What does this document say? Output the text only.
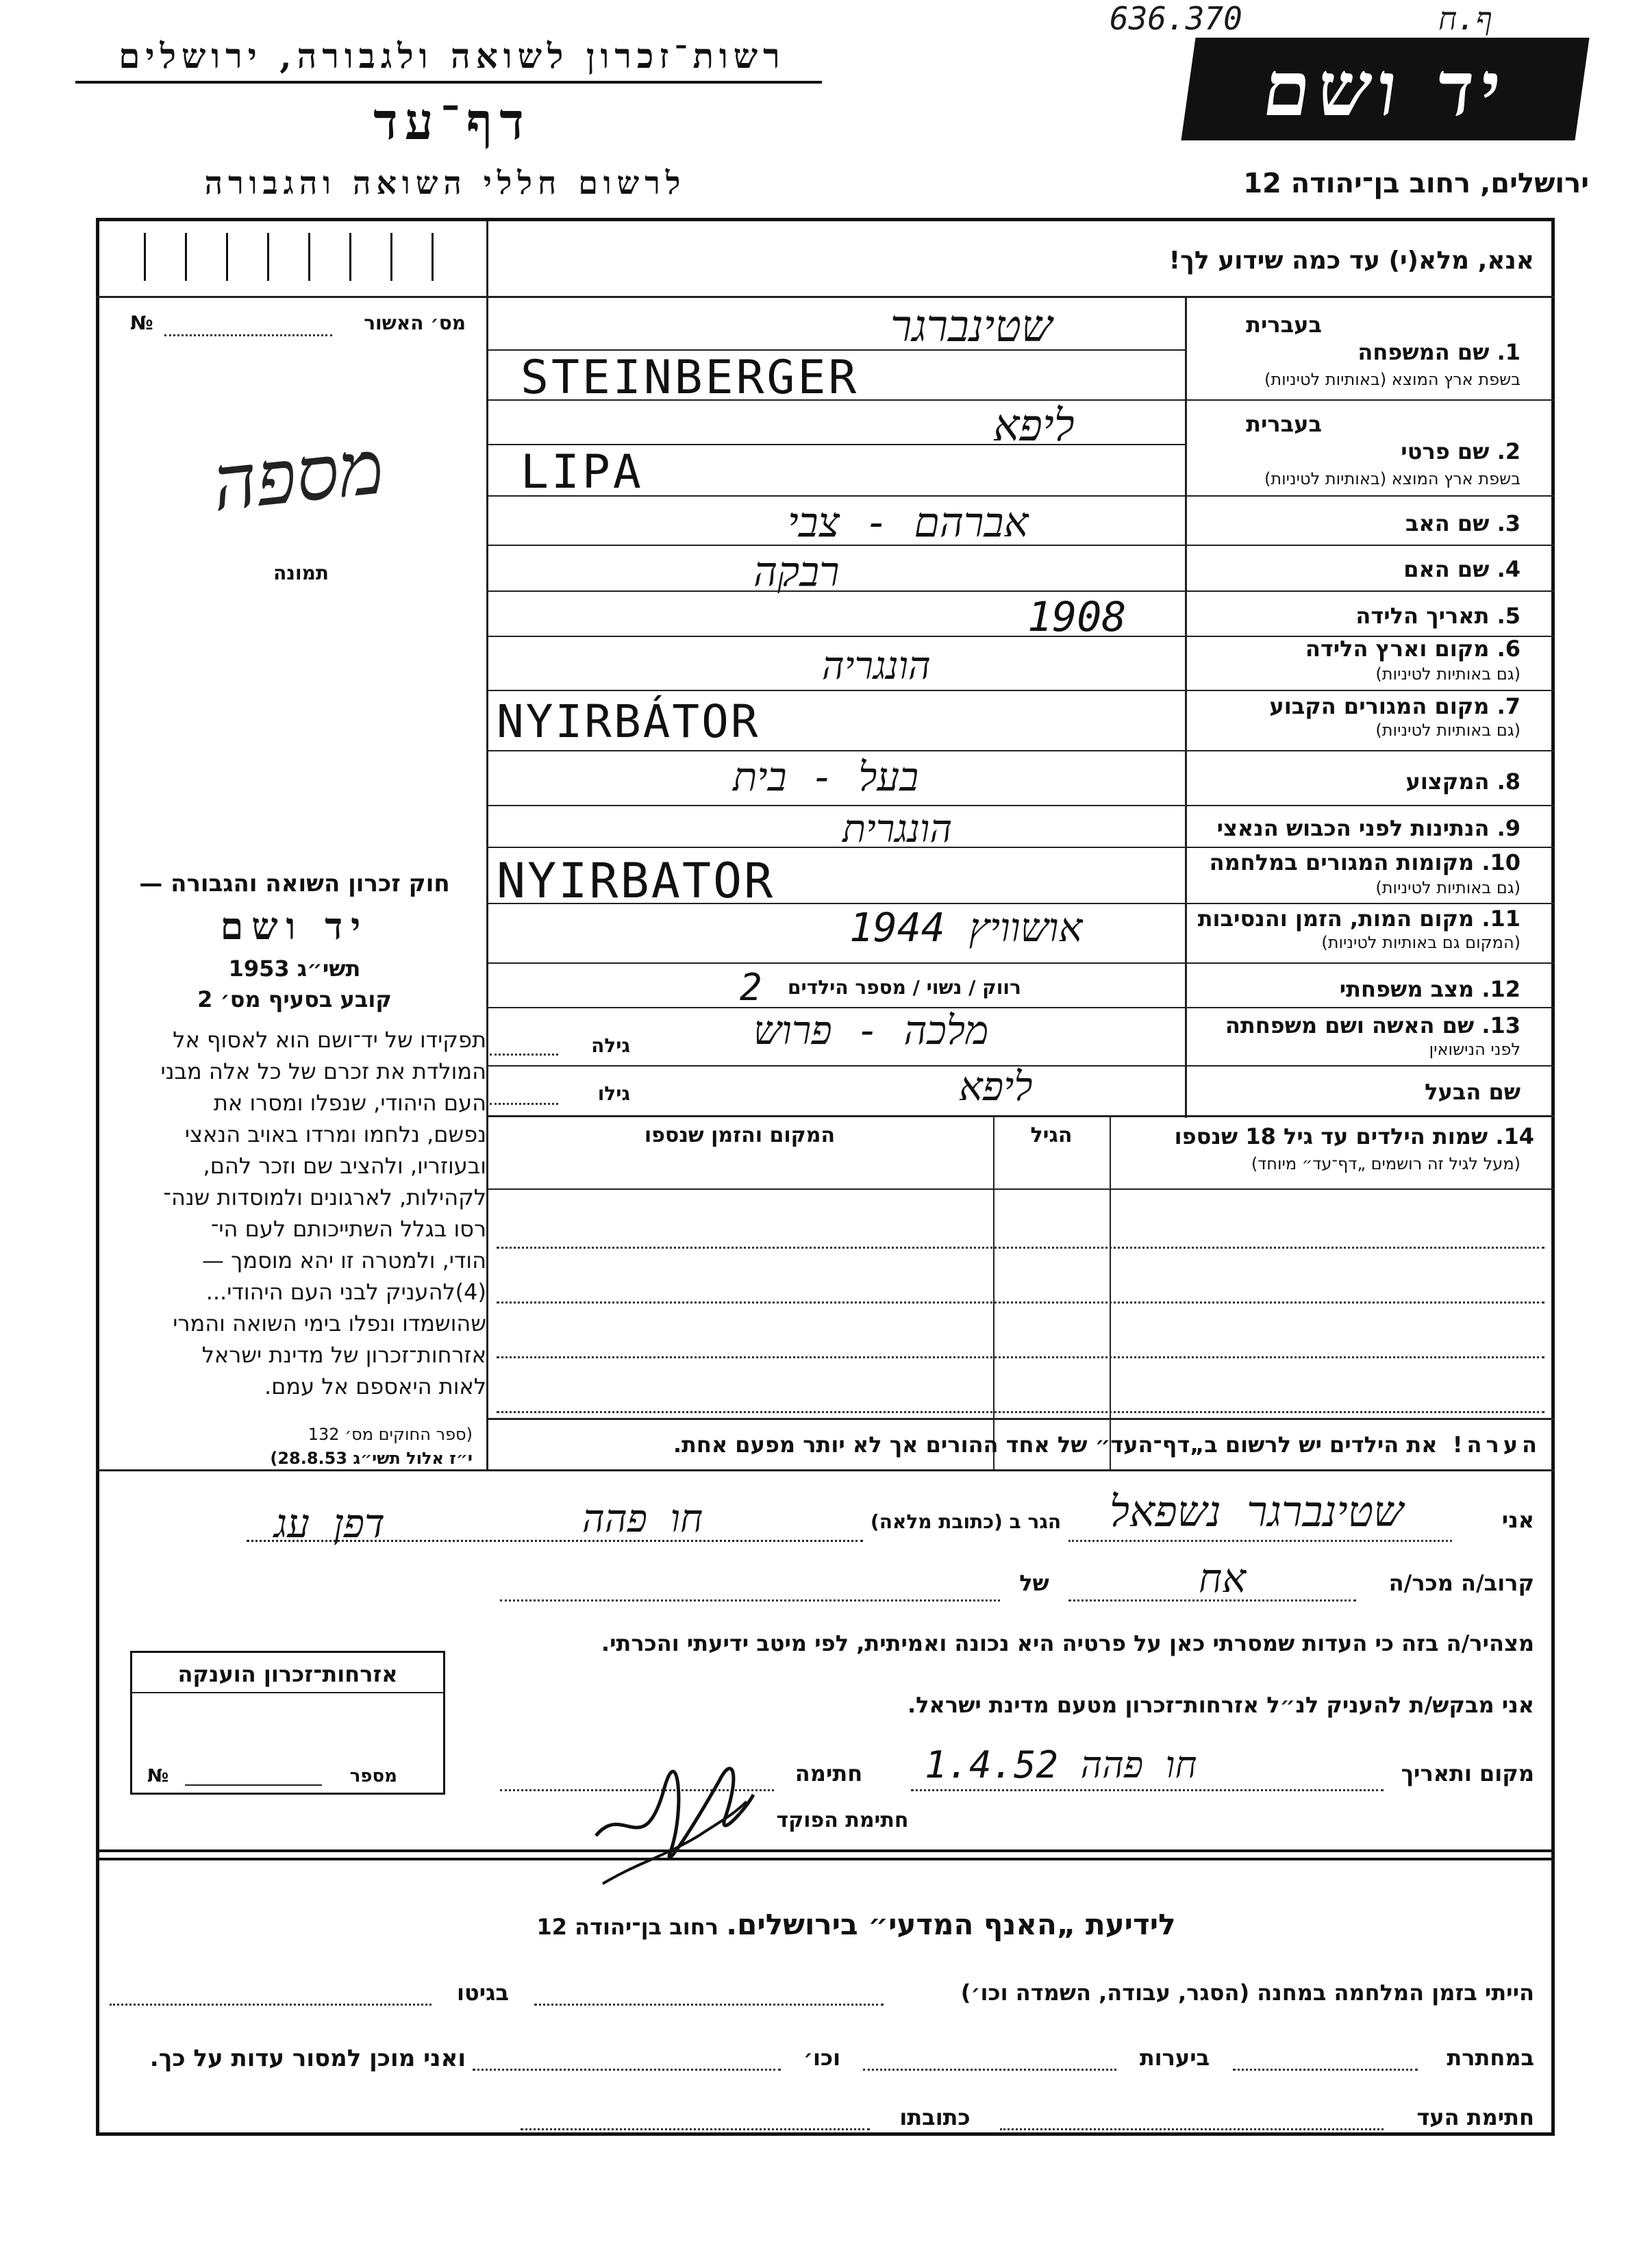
636.370	ף.ח
רשות־זכרון לשואה ולגבורה, ירושלים
דף־עד
לרשום חללי השואה והגבורה
יד ושם
ירושלים, רחוב בן־יהודה 12
אנא, מלא(י) עד כמה שידוע לך!
מס׳ האשור
№
מספה
תמונה
חוק זכרון השואה והגבורה —
יד ושם
תשי״ג 1953
קובע בסעיף מס׳ 2
תפקידו של יד־ושם הוא לאסוף אל
המולדת את זכרם של כל אלה מבני
העם היהודי, שנפלו ומסרו את
נפשם, נלחמו ומרדו באויב הנאצי
ובעוזריו, ולהציב שם וזכר להם,
לקהילות, לארגונים ולמוסדות שנה־
רסו בגלל השתייכותם לעם הי־
הודי, ולמטרה זו יהא מוסמך —
(4)להעניק לבני העם היהודי...
שהושמדו ונפלו בימי השואה והמרי
אזרחות־זכרון של מדינת ישראל
לאות היאספם אל עמם.
(ספר החוקים מס׳ 132
י״ז אלול תשי״ג 28.8.53)
בעברית
1. שם המשפחה
בשפת ארץ המוצא (באותיות לטיניות)
שטינברגר
STEINBERGER
בעברית
2. שם פרטי
בשפת ארץ המוצא (באותיות לטיניות)
ליפא
LIPA
3. שם האב
אברהם - צבי
4. שם האם
רבקה
5. תאריך הלידה
1908
6. מקום וארץ הלידה
(גם באותיות לטיניות)
הונגריה
7. מקום המגורים הקבוע
(גם באותיות לטיניות)
NYIRBÁTOR
8. המקצוע
בעל - בית
9. הנתינות לפני הכבוש הנאצי
הונגרית
10. מקומות המגורים במלחמה
(גם באותיות לטיניות)
NYIRBATOR
11. מקום המות, הזמן והנסיבות
(המקום גם באותיות לטיניות)
אושוויץ 1944
12. מצב משפחתי
רווק / נשוי / מספר הילדים
2
13. שם האשה ושם משפחתה
לפני הנישואין
מלכה - פרוש
גילה
שם הבעל
ליפא
גילו
14. שמות הילדים עד גיל 18 שנספו
(מעל לגיל זה רושמים „דף־עד״ מיוחד)
הגיל
המקום והזמן שנספו
הערה!  את הילדים יש לרשום ב„דף־העד״ של אחד ההורים אך לא יותר מפעם אחת.
אני
שטינברגר נשפאל
הגר ב (כתובת מלאה)
חו פהה
דפן עג
קרוב/ה מכר/ה
אח
של
מצהיר/ה בזה כי העדות שמסרתי כאן על פרטיה היא נכונה ואמיתית, לפי מיטב ידיעתי והכרתי.
אני מבקש/ת להעניק לנ״ל אזרחות־זכרון מטעם מדינת ישראל.
מקום ותאריך
חו פהה 1.4.52
חתימה
חתימת הפוקד
אזרחות־זכרון הוענקה
מספר
№
לידיעת „האנף המדעי״ בירושלים.  רחוב בן־יהודה 12
הייתי בזמן המלחמה במחנה (הסגר, עבודה, השמדה וכו׳)
בגיטו
במחתרת
ביערות
וכו׳
ואני מוכן למסור עדות על כך.
חתימת העד
כתובתו
